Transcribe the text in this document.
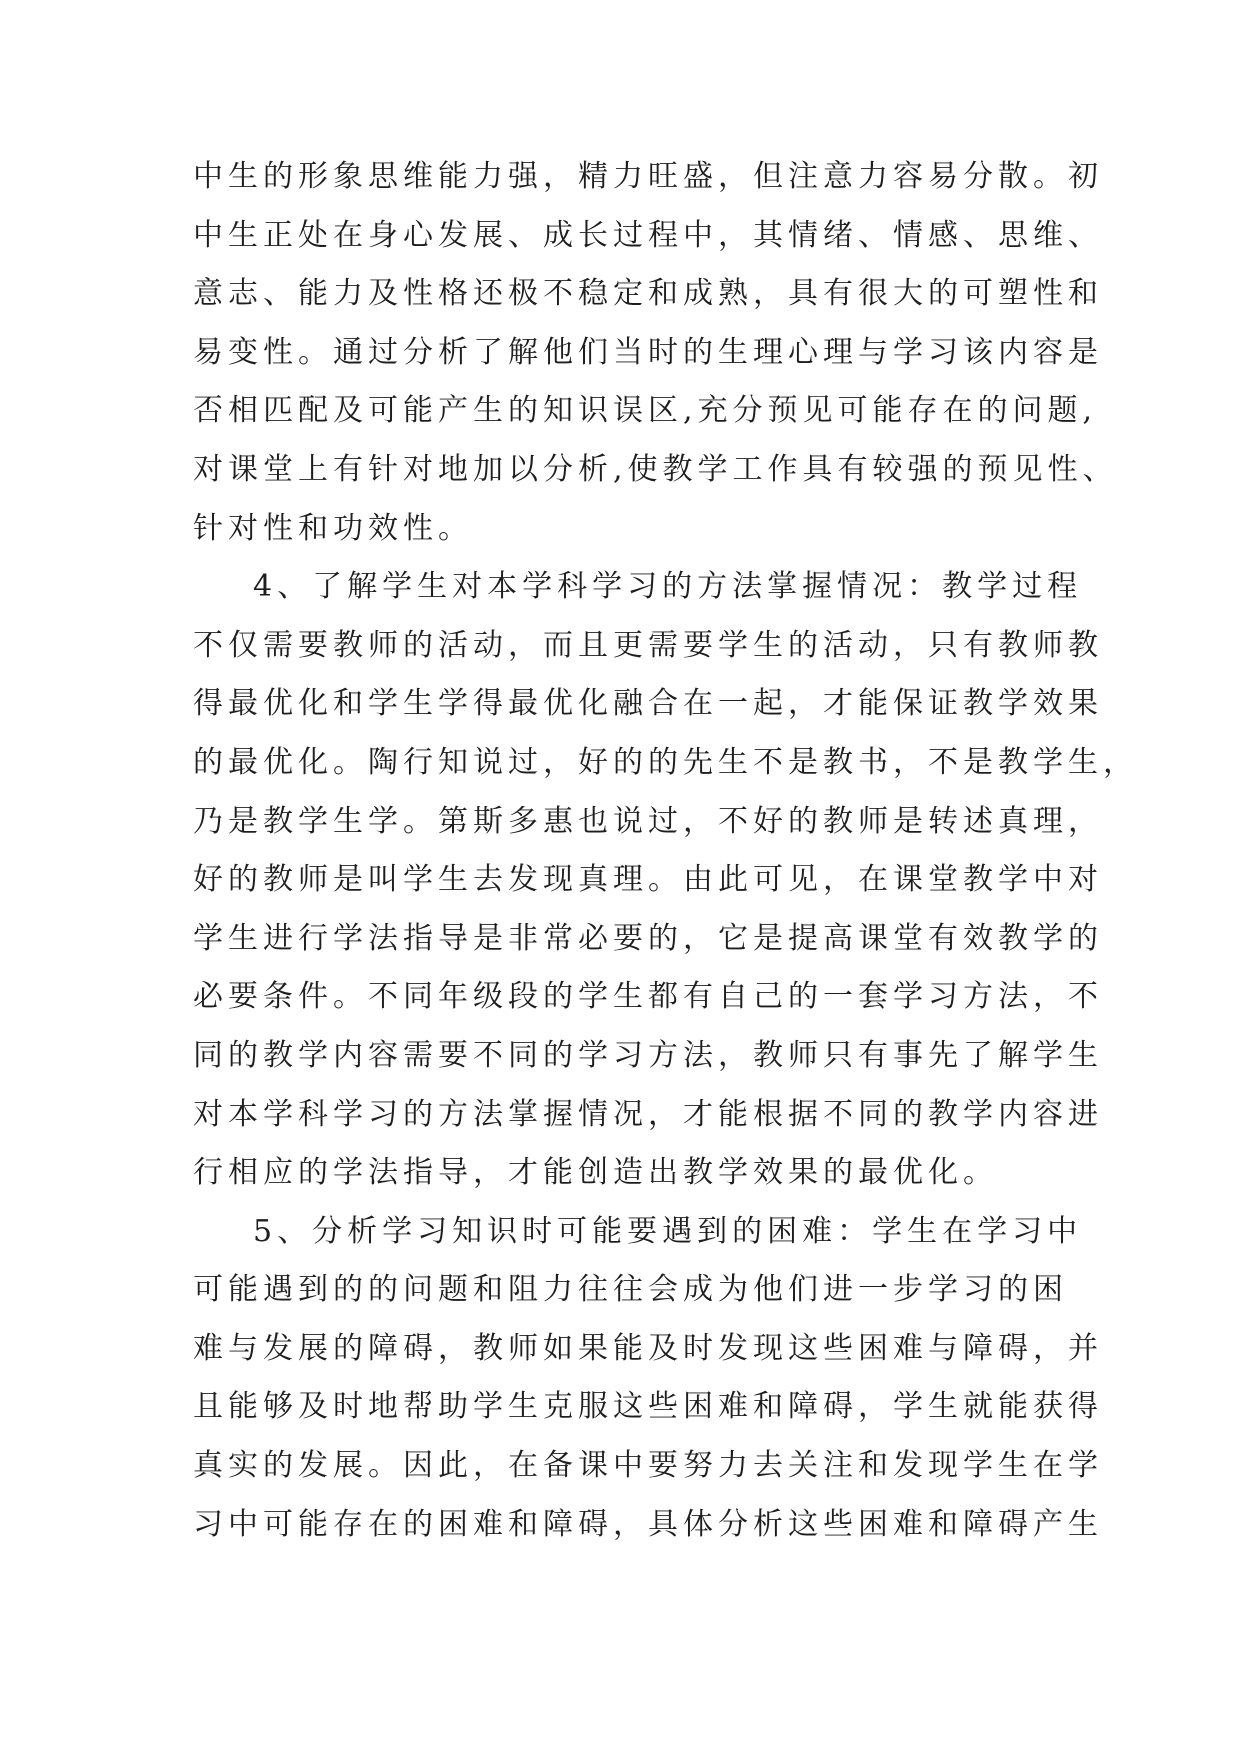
中生的形象思维能力强，精力旺盛，但注意力容易分散。初
中生正处在身心发展、成长过程中，其情绪、情感、思维、
意志、能力及性格还极不稳定和成熟，具有很大的可塑性和
易变性。通过分析了解他们当时的生理心理与学习该内容是
否相匹配及可能产生的知识误区,充分预见可能存在的问题,
对课堂上有针对地加以分析,使教学工作具有较强的预见性、
针对性和功效性。
4、了解学生对本学科学习的方法掌握情况：教学过程
不仅需要教师的活动，而且更需要学生的活动，只有教师教
得最优化和学生学得最优化融合在一起，才能保证教学效果
的最优化。陶行知说过，好的的先生不是教书，不是教学生，
乃是教学生学。第斯多惠也说过，不好的教师是转述真理，
好的教师是叫学生去发现真理。由此可见，在课堂教学中对
学生进行学法指导是非常必要的，它是提高课堂有效教学的
必要条件。不同年级段的学生都有自己的一套学习方法，不
同的教学内容需要不同的学习方法，教师只有事先了解学生
对本学科学习的方法掌握情况，才能根据不同的教学内容进
行相应的学法指导，才能创造出教学效果的最优化。
5、分析学习知识时可能要遇到的困难：学生在学习中
可能遇到的的问题和阻力往往会成为他们进一步学习的困
难与发展的障碍，教师如果能及时发现这些困难与障碍，并
且能够及时地帮助学生克服这些困难和障碍，学生就能获得
真实的发展。因此，在备课中要努力去关注和发现学生在学
习中可能存在的困难和障碍，具体分析这些困难和障碍产生
